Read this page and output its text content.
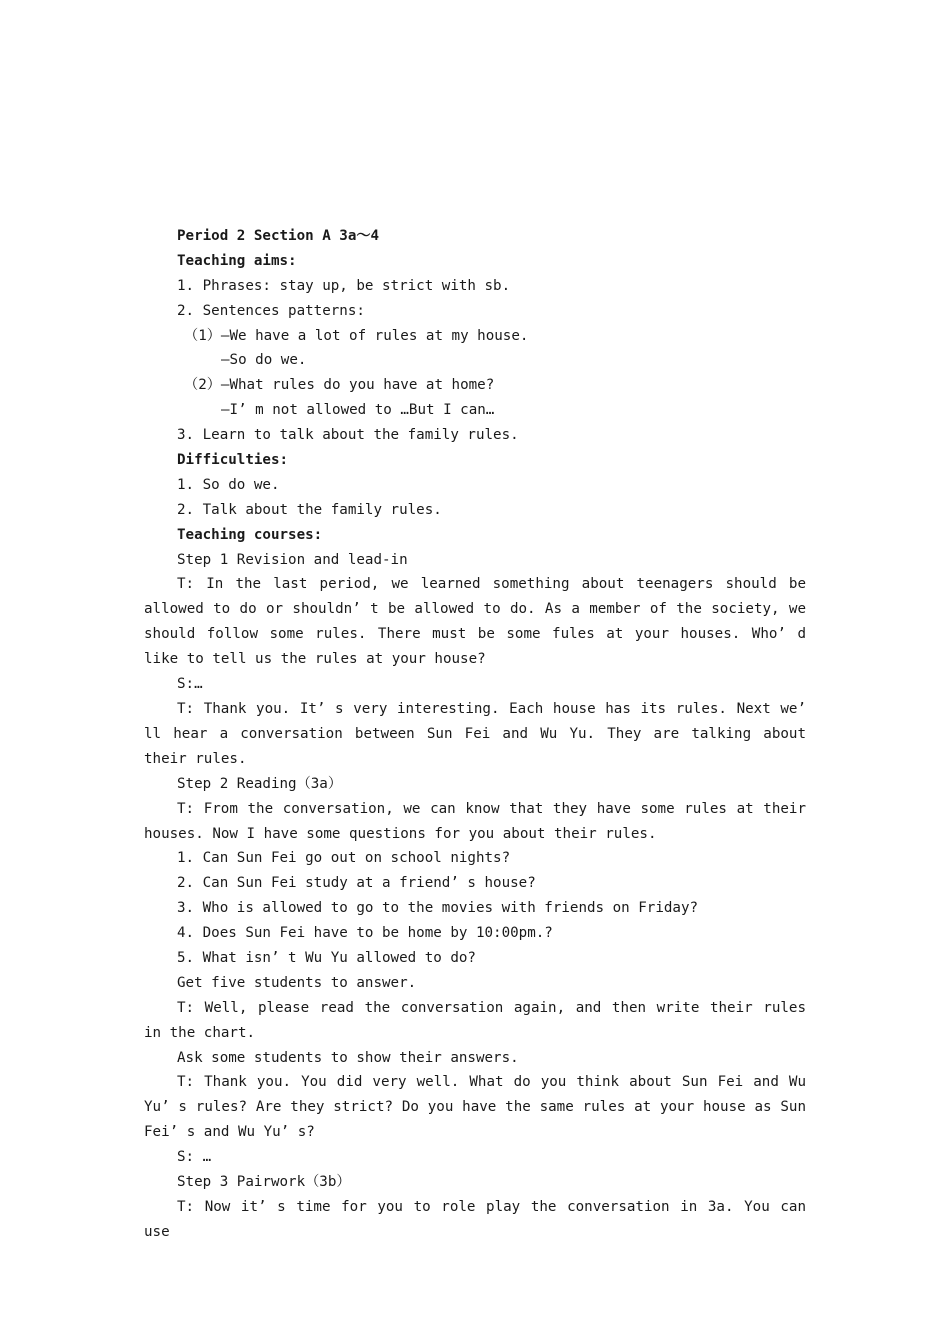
Period 2 Section A 3a～4

Teaching aims:

1. Phrases: stay up, be strict with sb.

2. Sentences patterns:

（1）—We have a lot of rules at my house.

—So do we.

（2）—What rules do you have at home?

—I’ m not allowed to …But I can…

3. Learn to talk about the family rules.

Difficulties:

1. So do we.

2. Talk about the family rules.

Teaching courses:

Step 1 Revision and lead-in

T: In the last period, we learned something about teenagers should be allowed to do or shouldn’ t be allowed to do. As a member of the society, we should follow some rules. There must be some fules at your houses. Who’ d like to tell us the rules at your house?

S:…

T: Thank you. It’ s very interesting. Each house has its rules. Next we’ ll hear a conversation between Sun Fei and Wu Yu. They are talking about their rules.

Step 2 Reading（3a）

T: From the conversation, we can know that they have some rules at their houses. Now I have some questions for you about their rules.

1. Can Sun Fei go out on school nights?

2. Can Sun Fei study at a friend’ s house?

3. Who is allowed to go to the movies with friends on Friday?

4. Does Sun Fei have to be home by 10:00pm.?

5. What isn’ t Wu Yu allowed to do?

Get five students to answer.

T: Well, please read the conversation again, and then write their rules in the chart.

Ask some students to show their answers.

T: Thank you. You did very well. What do you think about Sun Fei and Wu Yu’ s rules? Are they strict? Do you have the same rules at your house as Sun Fei’ s and Wu Yu’ s?

S: …

Step 3 Pairwork（3b）

T: Now it’ s time for you to role play the conversation in 3a. You can use
